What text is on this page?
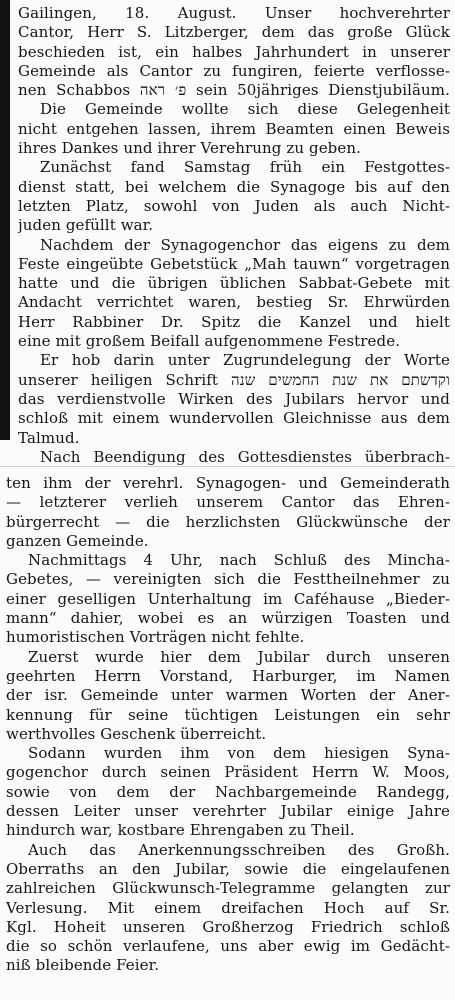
Gailingen, 18. August. Unser hochverehrter
Cantor, Herr S. Litzberger, dem das große Glück
beschieden ist, ein halbes Jahrhundert in unserer
Gemeinde als Cantor zu fungiren, feierte verflosse-
nen Schabbos פ׳ ראה sein 50jähriges Dienstjubiläum.
Die Gemeinde wollte sich diese Gelegenheit
nicht entgehen lassen, ihrem Beamten einen Beweis
ihres Dankes und ihrer Verehrung zu geben.
Zunächst fand Samstag früh ein Festgottes-
dienst statt, bei welchem die Synagoge bis auf den
letzten Platz, sowohl von Juden als auch Nicht-
juden gefüllt war.
Nachdem der Synagogenchor das eigens zu dem
Feste eingeübte Gebetstück „Mah tauwn“ vorgetragen
hatte und die übrigen üblichen Sabbat-Gebete mit
Andacht verrichtet waren, bestieg Sr. Ehrwürden
Herr Rabbiner Dr. Spitz die Kanzel und hielt
eine mit großem Beifall aufgenommene Festrede.
Er hob darin unter Zugrundelegung der Worte
unserer heiligen Schrift וקדשתם את שנת החמשים שנה
das verdienstvolle Wirken des Jubilars hervor und
schloß mit einem wundervollen Gleichnisse aus dem
Talmud.
Nach Beendigung des Gottesdienstes überbrach-
ten ihm der verehrl. Synagogen- und Gemeinderath
— letzterer verlieh unserem Cantor das Ehren-
bürgerrecht — die herzlichsten Glückwünsche der
ganzen Gemeinde.
Nachmittags 4 Uhr, nach Schluß des Mincha-
Gebetes, — vereinigten sich die Festtheilnehmer zu
einer geselligen Unterhaltung im Caféhause „Bieder-
mann“ dahier, wobei es an würzigen Toasten und
humoristischen Vorträgen nicht fehlte.
Zuerst wurde hier dem Jubilar durch unseren
geehrten Herrn Vorstand, Harburger, im Namen
der isr. Gemeinde unter warmen Worten der Aner-
kennung für seine tüchtigen Leistungen ein sehr
werthvolles Geschenk überreicht.
Sodann wurden ihm von dem hiesigen Syna-
gogenchor durch seinen Präsident Herrn W. Moos,
sowie von dem der Nachbargemeinde Randegg,
dessen Leiter unser verehrter Jubilar einige Jahre
hindurch war, kostbare Ehrengaben zu Theil.
Auch das Anerkennungsschreiben des Großh.
Oberraths an den Jubilar, sowie die eingelaufenen
zahlreichen Glückwunsch-Telegramme gelangten zur
Verlesung. Mit einem dreifachen Hoch auf Sr.
Kgl. Hoheit unseren Großherzog Friedrich schloß
die so schön verlaufene, uns aber ewig im Gedächt-
niß bleibende Feier.
